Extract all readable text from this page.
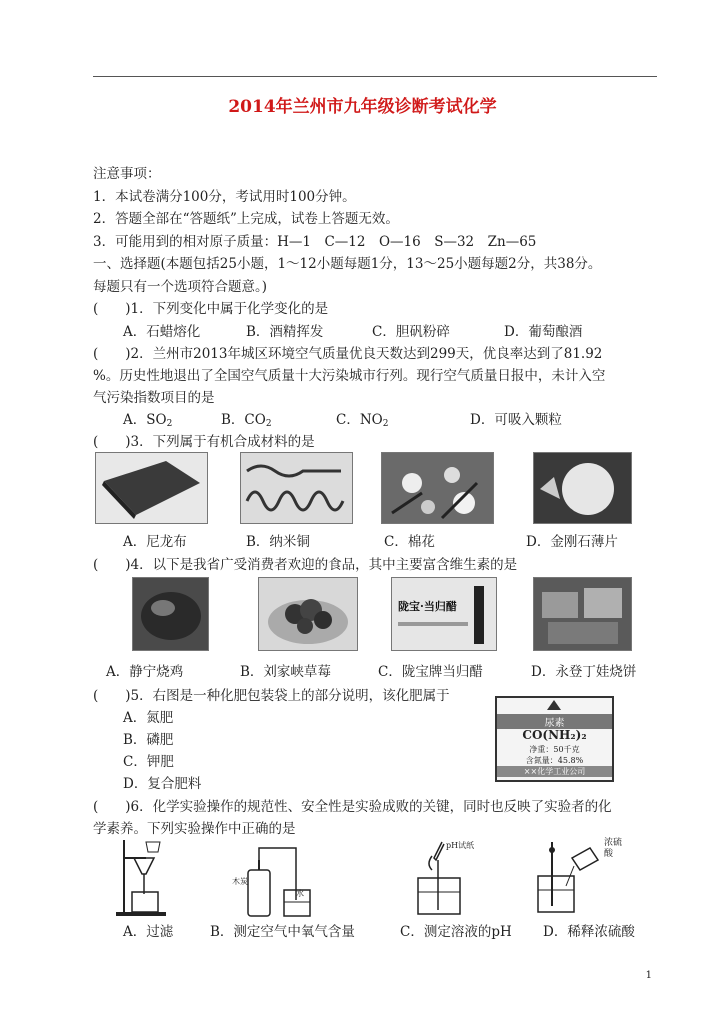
2014年兰州市九年级诊断考试化学
注意事项：
1．本试卷满分100分，考试用时100分钟。
2．答题全部在“答题纸”上完成，试卷上答题无效。
3．可能用到的相对原子质量：H—1　C—12　O—16　S—32　Zn—65
一、选择题(本题包括25小题，1～12小题每题1分，13～25小题每题2分，共38分。
每题只有一个选项符合题意。)
(　　)1．下列变化中属于化学变化的是
A．石蜡熔化	B．酒精挥发	C．胆矾粉碎	D．葡萄酿酒
(　　)2．兰州市2013年城区环境空气质量优良天数达到299天，优良率达到了81.92
%。历史性地退出了全国空气质量十大污染城市行列。现行空气质量日报中，未计入空
气污染指数项目的是
A．$SO_2$	B．$CO_2$	C．$NO_2$	D．可吸入颗粒
(　　)3．下列属于有机合成材料的是
A．尼龙布	B．纳米铜	C．棉花	D．金刚石薄片
(　　)4．以下是我省广受消费者欢迎的食品，其中主要富含维生素的是
陇宝·当归醋
A．静宁烧鸡	B．刘家峡草莓	C．陇宝牌当归醋	D．永登丁娃烧饼
(　　)5．右图是一种化肥包装袋上的部分说明，该化肥属于
A．氮肥
B．磷肥
C．钾肥
D．复合肥料
尿素
CO(NH₂)₂
净重：50千克
含氮量：45.8%
××化学工业公司
(　　)6．化学实验操作的规范性、安全性是实验成败的关键，同时也反映了实验者的化
学素养。下列实验操作中正确的是
木炭
水
pH试纸	浓硫酸
A．过滤	B．测定空气中氧气含量	C．测定溶液的pH D．稀释浓硫酸
1
